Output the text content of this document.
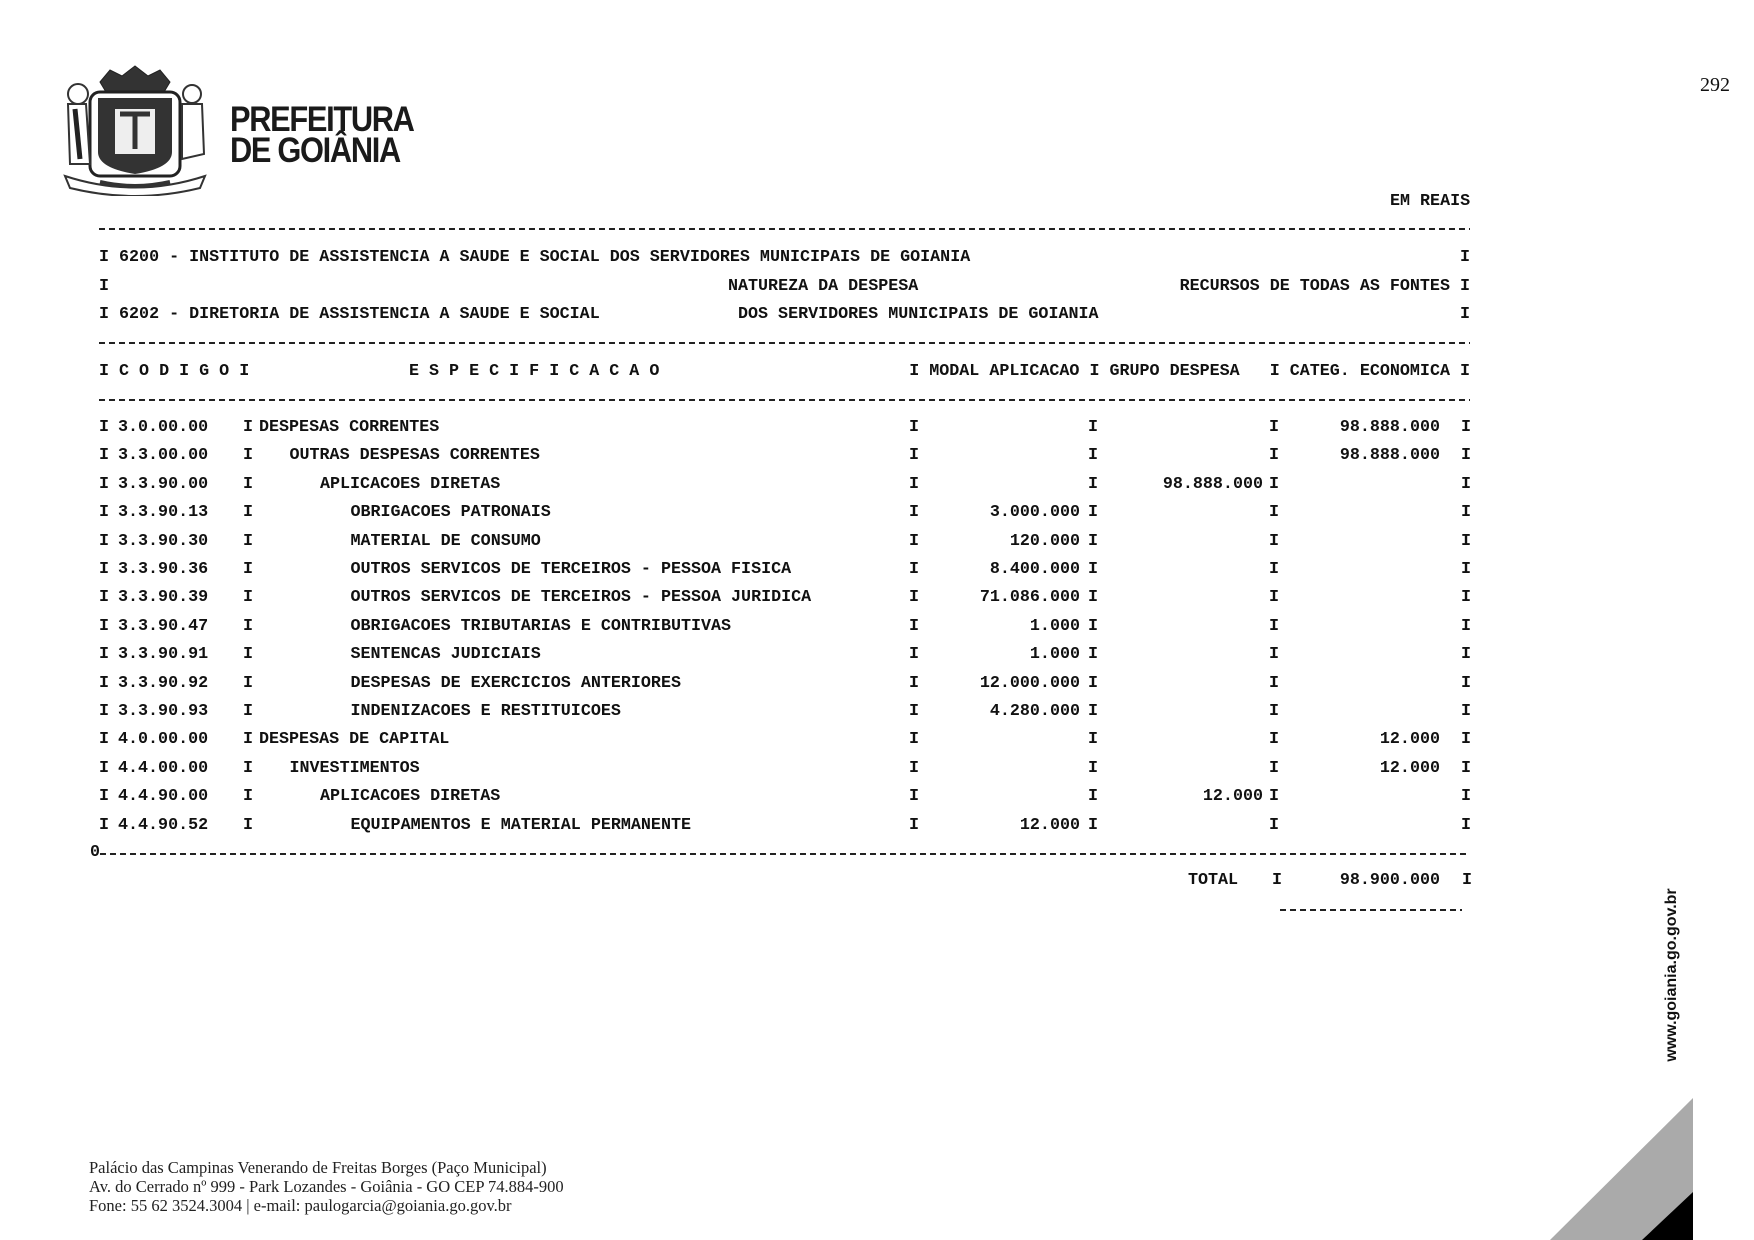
PREFEITURA
DE GOIÂNIA
292
EM REAIS
I 6200 - INSTITUTO DE ASSISTENCIA A SAUDE E SOCIAL DOS SERVIDORES MUNICIPAIS DE GOIANIA	I
I	NATUREZA DA DESPESA	RECURSOS DE TODAS AS FONTES I
I 6202 - DIRETORIA DE ASSISTENCIA A SAUDE E SOCIAL	DOS SERVIDORES MUNICIPAIS DE GOIANIA	I
I C O D I G O I	E S P E C I F I C A C A O	I MODAL APLICACAO I GRUPO DESPESA   I CATEG. ECONOMICA I
I 3.0.00.00 I DESPESAS CORRENTES	I	I	I	98.888.000 I
I 3.3.00.00 I OUTRAS DESPESAS CORRENTES	I	I	I	98.888.000 I
I 3.3.90.00 I	APLICACOES DIRETAS	I	I	98.888.000 I	I
I 3.3.90.13 I	OBRIGACOES PATRONAIS	I	3.000.000 I	I	I
I 3.3.90.30 I	MATERIAL DE CONSUMO	I	120.000 I	I	I
I 3.3.90.36 I	OUTROS SERVICOS DE TERCEIROS - PESSOA FISICA	I	8.400.000 I	I	I
I 3.3.90.39 I	OUTROS SERVICOS DE TERCEIROS - PESSOA JURIDICA	I	71.086.000 I	I	I
I 3.3.90.47 I	OBRIGACOES TRIBUTARIAS E CONTRIBUTIVAS	I	1.000 I	I	I
I 3.3.90.91 I	SENTENCAS JUDICIAIS	I	1.000 I	I	I
I 3.3.90.92 I	DESPESAS DE EXERCICIOS ANTERIORES	I	12.000.000 I	I	I
I 3.3.90.93 I	INDENIZACOES E RESTITUICOES	I	4.280.000 I	I	I
I 4.0.00.00 I DESPESAS DE CAPITAL	I	I	I	12.000 I
I 4.4.00.00 I INVESTIMENTOS	I	I	I	12.000 I
I 4.4.90.00 I	APLICACOES DIRETAS	I	I	12.000 I	I
I 4.4.90.52 I	EQUIPAMENTOS E MATERIAL PERMANENTE	I	12.000 I	I	I
0
TOTAL I	98.900.000 I
www.goiania.go.gov.br
Palácio das Campinas Venerando de Freitas Borges (Paço Municipal)
Av. do Cerrado nº 999 - Park Lozandes - Goiânia - GO CEP 74.884-900
Fone: 55 62 3524.3004 | e-mail: paulogarcia@goiania.go.gov.br
